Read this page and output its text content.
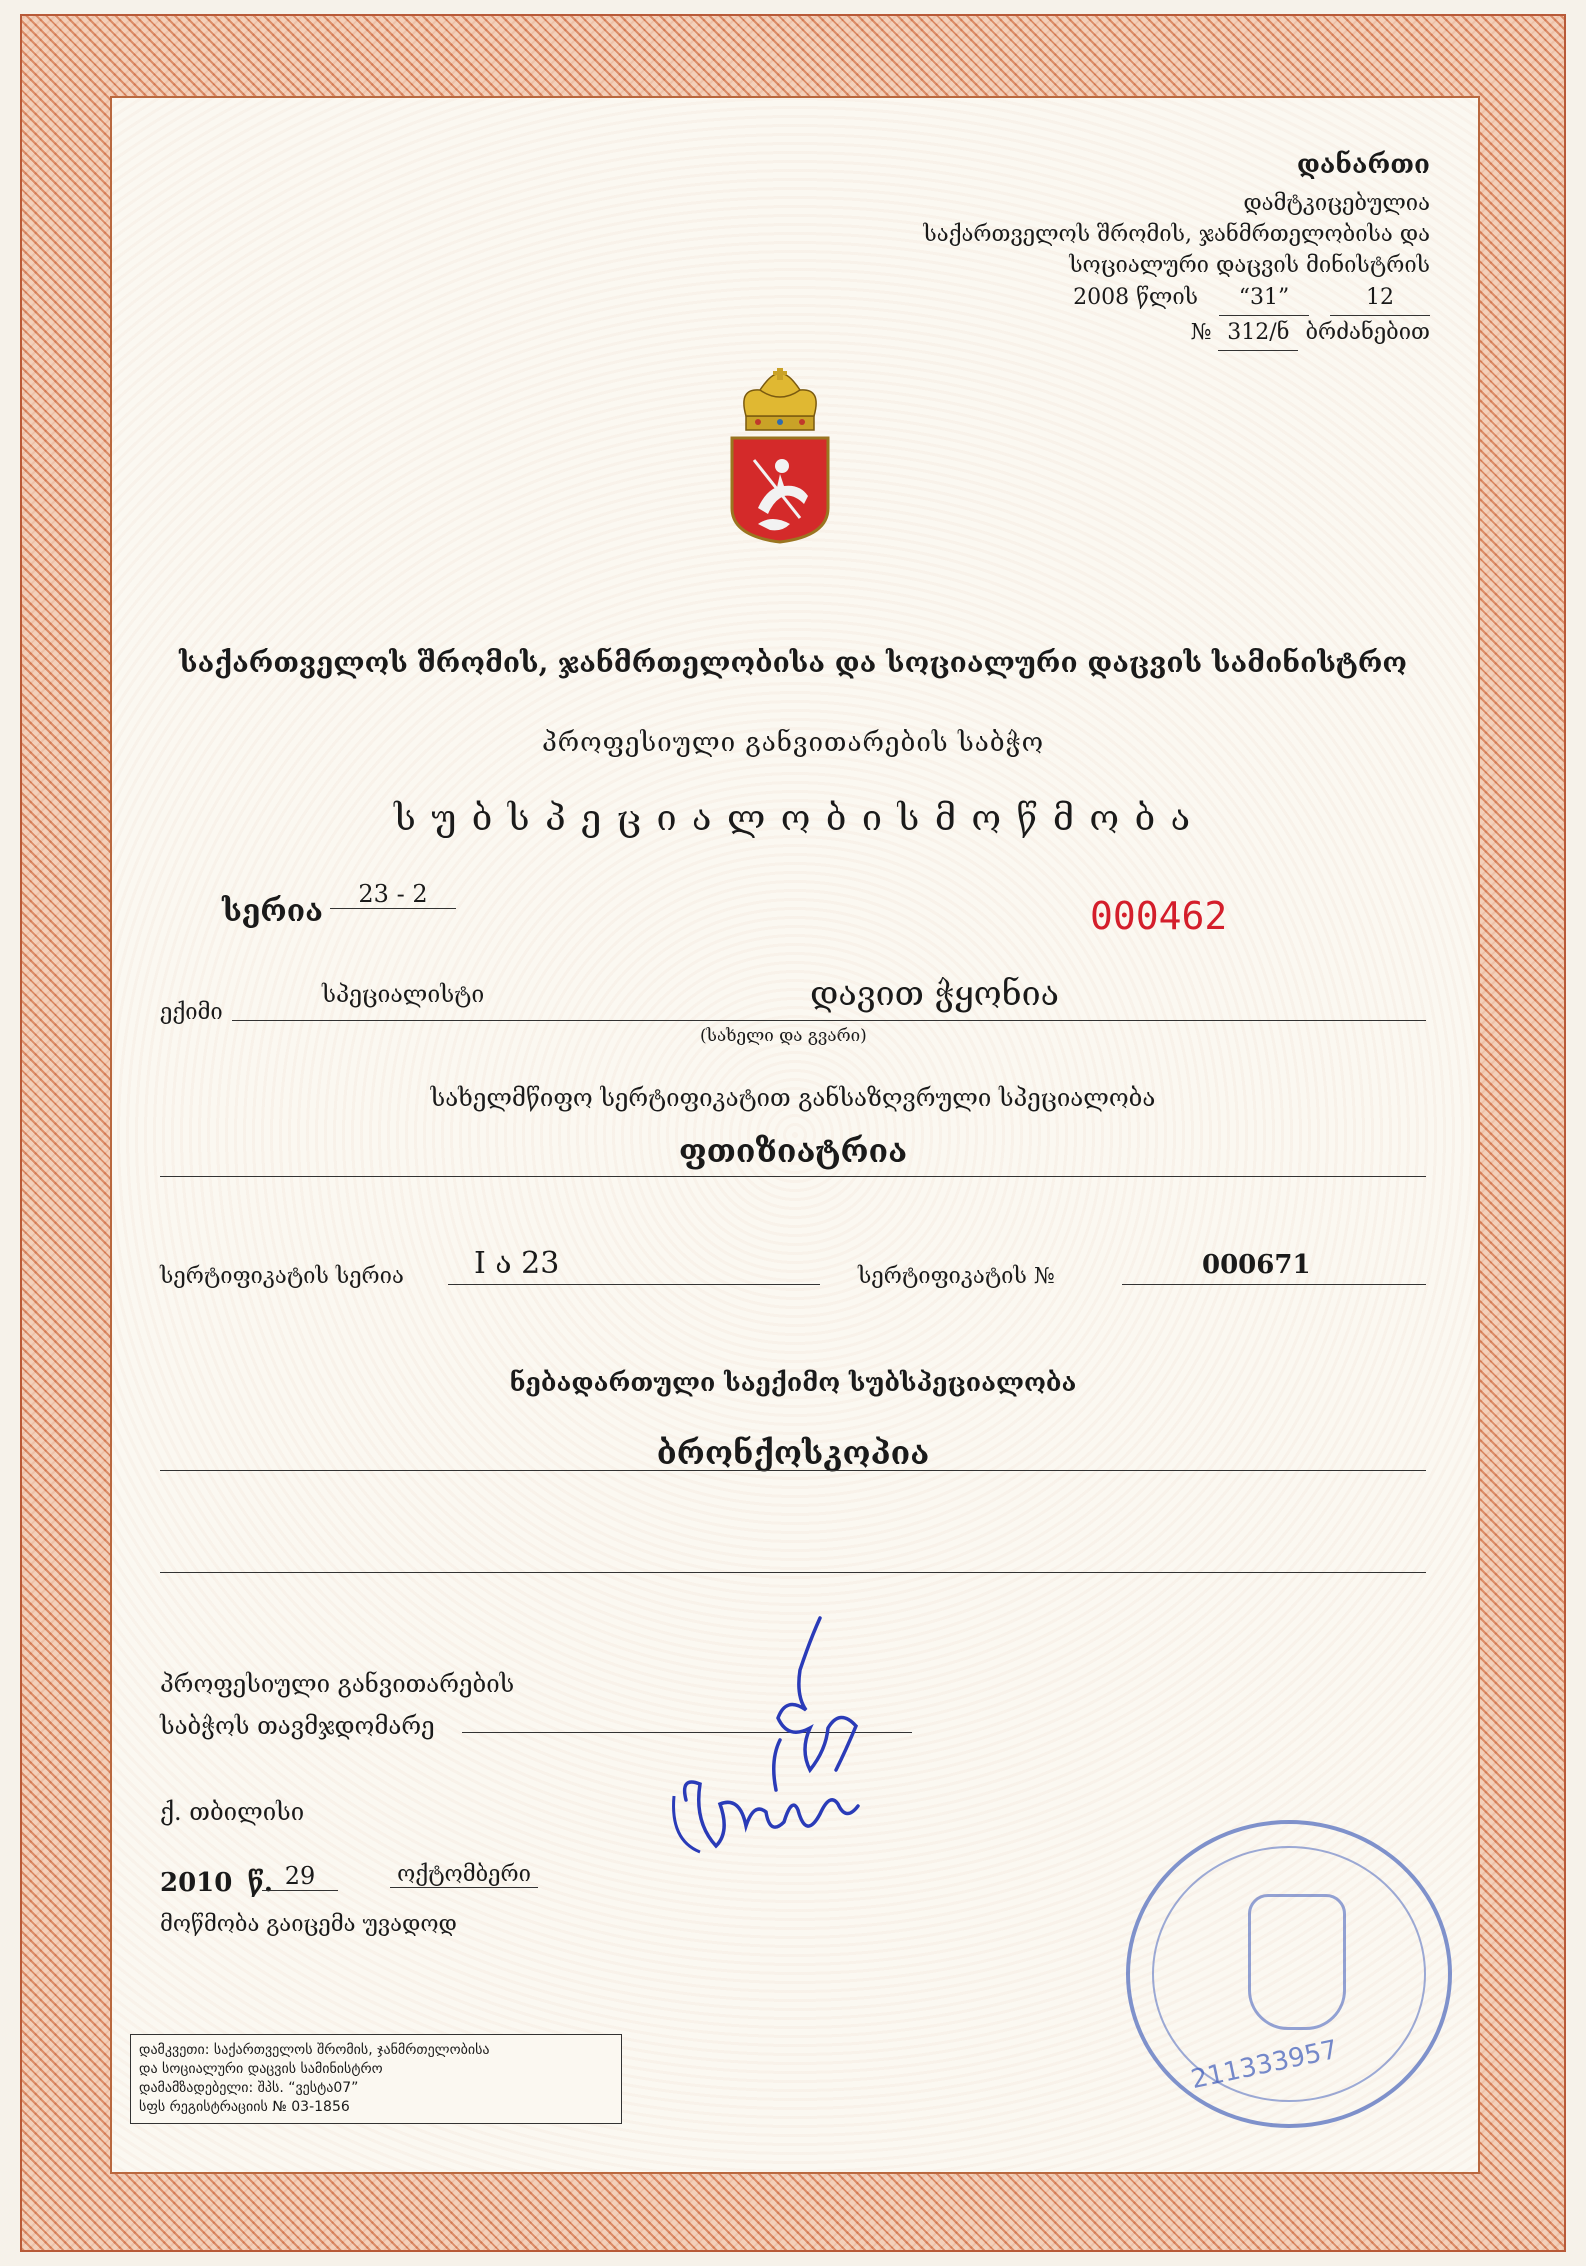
დანართი
დამტკიცებულია
საქართველოს შრომის, ჯანმრთელობისა და
სოციალური დაცვის მინისტრის
2008 წლის “31”	12
№ 312/ნ ბრძანებით
საქართველოს შრომის, ჯანმრთელობისა და სოციალური დაცვის სამინისტრო
პროფესიული განვითარების საბჭო
ს უ ბ ს პ ე ც ი ა ლ ო ბ ი ს მ ო წ მ ო ბ ა
სერია	23 - 2	000462
ექიმი
სპეციალისტი	დავით ჭყონია
(სახელი და გვარი)
სახელმწიფო სერტიფიკატით განსაზღვრული სპეციალობა
ფთიზიატრია
სერტიფიკატის სერია I ა 23	სერტიფიკატის №	000671
ნებადართული საექიმო სუბსპეციალობა
ბრონქოსკოპია
პროფესიული განვითარების
საბჭოს თავმჯდომარე
ქ. თბილისი
2010 წ. 29	ოქტომბერი
მოწმობა გაიცემა უვადოდ
211333957
დამკვეთი: საქართველოს შრომის, ჯანმრთელობისა
და სოციალური დაცვის სამინისტრო
დამამზადებელი: შპს. “ვესტა07”
სფს რეგისტრაციის № 03-1856
